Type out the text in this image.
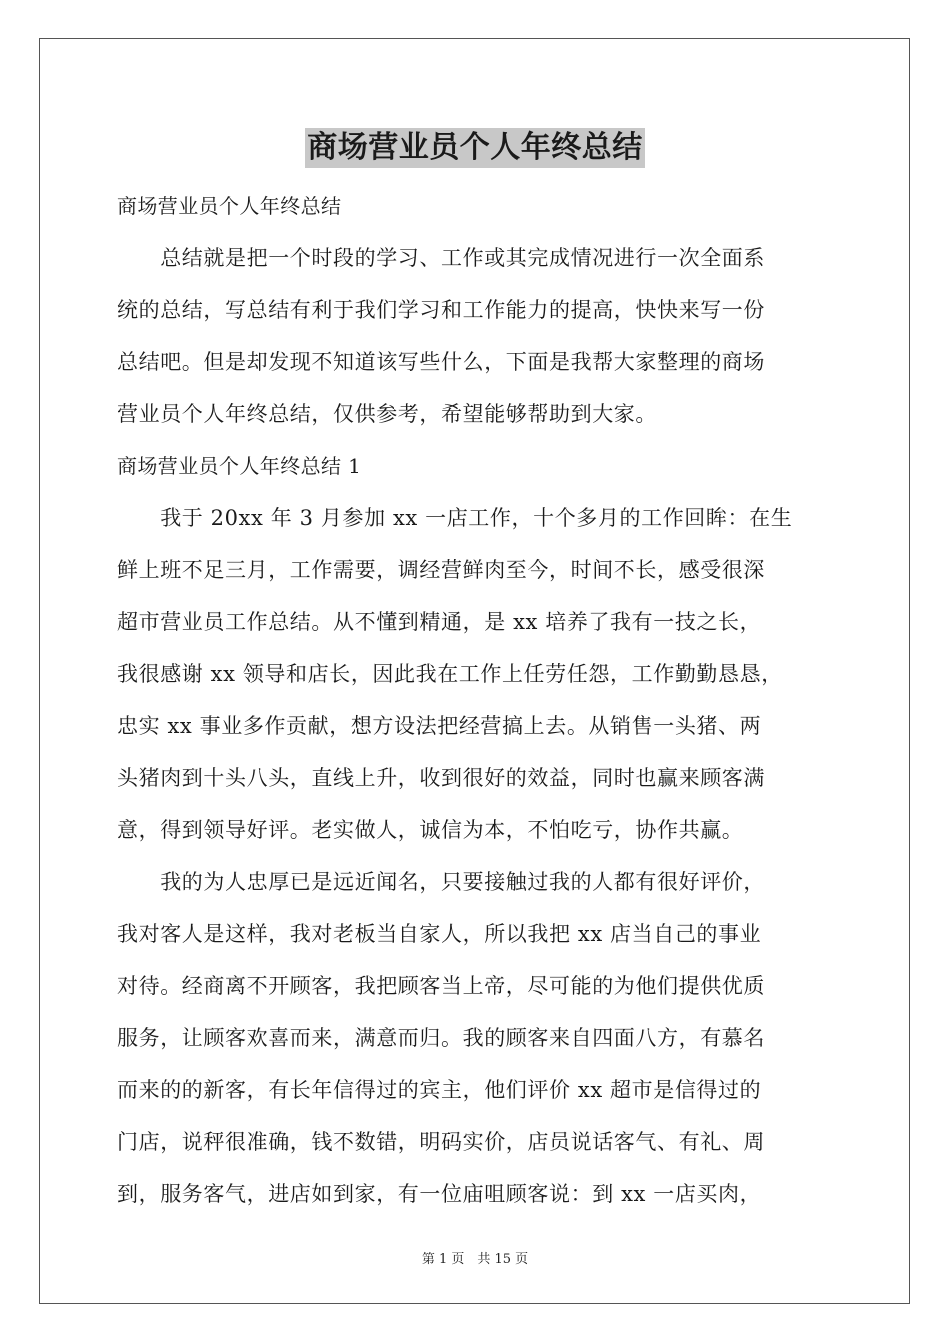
商场营业员个人年终总结
商场营业员个人年终总结
　　总结就是把一个时段的学习、工作或其完成情况进行一次全面系
统的总结，写总结有利于我们学习和工作能力的提高，快快来写一份
总结吧。但是却发现不知道该写些什么，下面是我帮大家整理的商场
营业员个人年终总结，仅供参考，希望能够帮助到大家。
商场营业员个人年终总结 1
　　我于 20xx 年 3 月参加 xx 一店工作，十个多月的工作回眸：在生
鲜上班不足三月，工作需要，调经营鲜肉至今，时间不长，感受很深
超市营业员工作总结。从不懂到精通，是 xx 培养了我有一技之长，
我很感谢 xx 领导和店长，因此我在工作上任劳任怨，工作勤勤恳恳，
忠实 xx 事业多作贡献，想方设法把经营搞上去。从销售一头猪、两
头猪肉到十头八头，直线上升，收到很好的效益，同时也赢来顾客满
意，得到领导好评。老实做人，诚信为本，不怕吃亏，协作共赢。
　　我的为人忠厚已是远近闻名，只要接触过我的人都有很好评价，
我对客人是这样，我对老板当自家人，所以我把 xx 店当自己的事业
对待。经商离不开顾客，我把顾客当上帝，尽可能的为他们提供优质
服务，让顾客欢喜而来，满意而归。我的顾客来自四面八方，有慕名
而来的的新客，有长年信得过的宾主，他们评价 xx 超市是信得过的
门店，说秤很准确，钱不数错，明码实价，店员说话客气、有礼、周
到，服务客气，进店如到家，有一位庙咀顾客说：到 xx 一店买肉，
第 1 页　共 15 页
